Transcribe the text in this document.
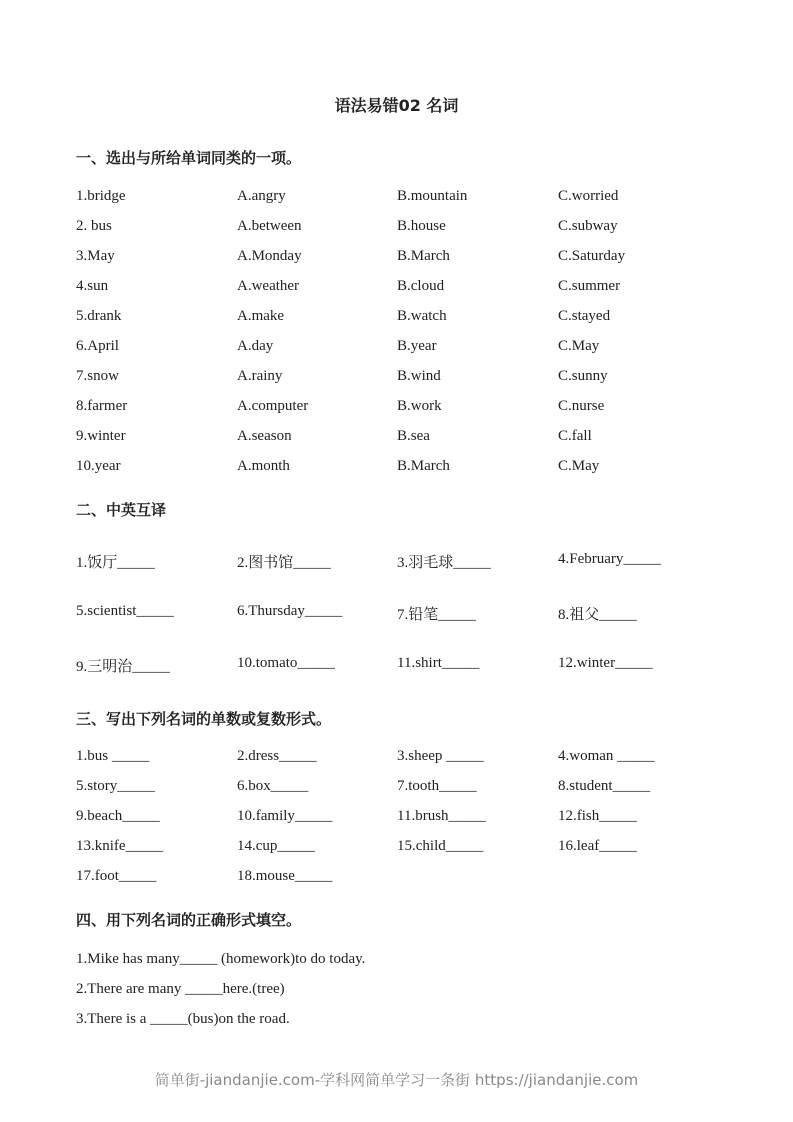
语法易错02 名词
一、选出与所给单词同类的一项。
1.bridge	A.angry	B.mountain	C.worried
2. bus	A.between	B.house	C.subway
3.May	A.Monday	B.March	C.Saturday
4.sun	A.weather	B.cloud	C.summer
5.drank	A.make	B.watch	C.stayed
6.April	A.day	B.year	C.May
7.snow	A.rainy	B.wind	C.sunny
8.farmer	A.computer	B.work	C.nurse
9.winter	A.season	B.sea	C.fall
10.year	A.month	B.March	C.May
二、中英互译
1.饭厅_____	2.图书馆_____	3.羽毛球_____	4.February_____
5.scientist_____	6.Thursday_____	7.铅笔_____	8.祖父_____
9.三明治_____	10.tomato_____	11.shirt_____	12.winter_____
三、写出下列名词的单数或复数形式。
1.bus _____	2.dress_____	3.sheep _____	4.woman _____
5.story_____	6.box_____	7.tooth_____	8.student_____
9.beach_____	10.family_____	11.brush_____	12.fish_____
13.knife_____	14.cup_____	15.child_____	16.leaf_____
17.foot_____	18.mouse_____
四、用下列名词的正确形式填空。
1.Mike has many_____ (homework)to do today.
2.There are many _____here.(tree)
3.There is a _____(bus)on the road.
简单街-jiandanjie.com-学科网简单学习一条街 https://jiandanjie.com
